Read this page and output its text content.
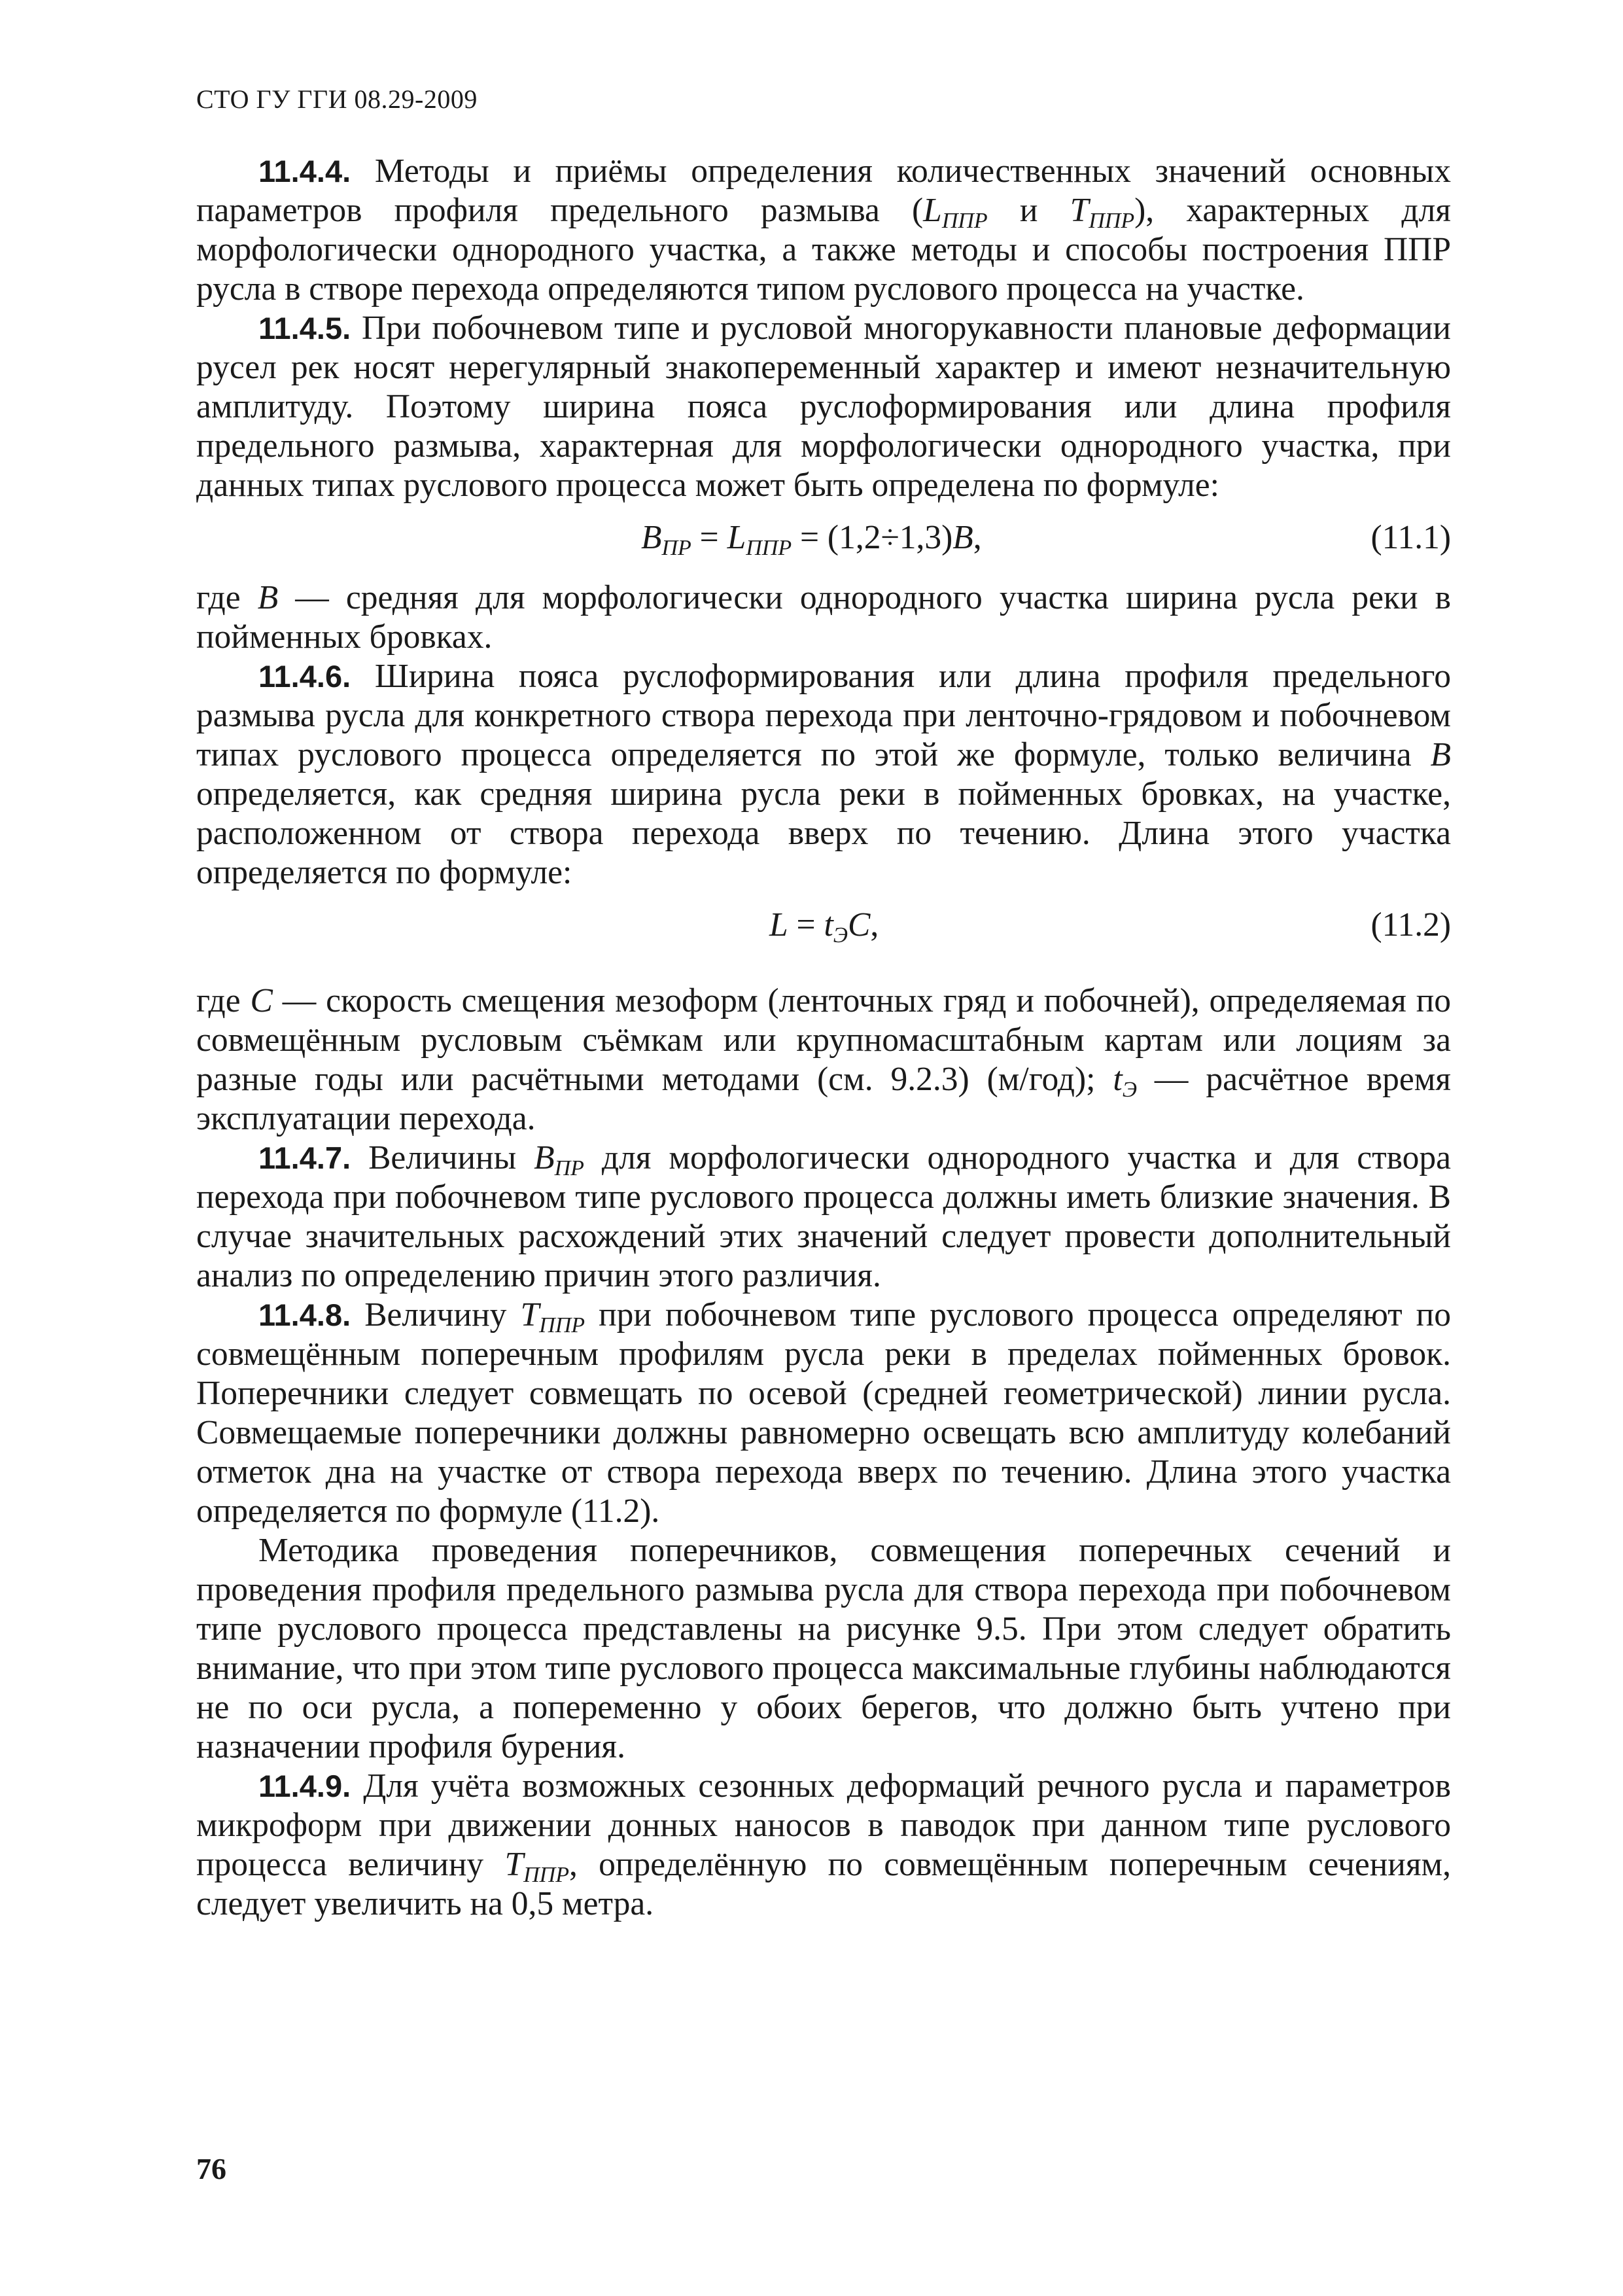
СТО ГУ ГГИ 08.29-2009

11.4.4. Методы и приёмы определения количественных значений основных параметров профиля предельного размыва ($L_{ППР}$ и $T_{ППР}$), характерных для морфологически однородного участка, а также методы и способы построения ППР русла в створе перехода определяются типом руслового процесса на участке.

11.4.5. При побочневом типе и русловой многорукавности плановые деформации русел рек носят нерегулярный знакопеременный характер и имеют незначительную амплитуду. Поэтому ширина пояса руслоформирования или длина профиля предельного размыва, характерная для морфологически однородного участка, при данных типах руслового процесса может быть определена по формуле:

$B_{ПР} = L_{ППР} = (1,2\div 1,3)B$,	(11.1)

где B — средняя для морфологически однородного участка ширина русла реки в пойменных бровках.

11.4.6. Ширина пояса руслоформирования или длина профиля предельного размыва русла для конкретного створа перехода при ленточно-грядовом и побочневом типах руслового процесса определяется по этой же формуле, только величина B определяется, как средняя ширина русла реки в пойменных бровках, на участке, расположенном от створа перехода вверх по течению. Длина этого участка определяется по формуле:

$L = t_ЭC$,	(11.2)

где C — скорость смещения мезоформ (ленточных гряд и побочней), определяемая по совмещённым русловым съёмкам или крупномасштабным картам или лоциям за разные годы или расчётными методами (см. 9.2.3) (м/год); $t_Э$ — расчётное время эксплуатации перехода.

11.4.7. Величины $B_{ПР}$ для морфологически однородного участка и для створа перехода при побочневом типе руслового процесса должны иметь близкие значения. В случае значительных расхождений этих значений следует провести дополнительный анализ по определению причин этого различия.

11.4.8. Величину $T_{ППР}$ при побочневом типе руслового процесса определяют по совмещённым поперечным профилям русла реки в пределах пойменных бровок. Поперечники следует совмещать по осевой (средней геометрической) линии русла. Совмещаемые поперечники должны равномерно освещать всю амплитуду колебаний отметок дна на участке от створа перехода вверх по течению. Длина этого участка определяется по формуле (11.2).

Методика проведения поперечников, совмещения поперечных сечений и проведения профиля предельного размыва русла для створа перехода при побочневом типе руслового процесса представлены на рисунке 9.5. При этом следует обратить внимание, что при этом типе руслового процесса максимальные глубины наблюдаются не по оси русла, а попеременно у обоих берегов, что должно быть учтено при назначении профиля бурения.

11.4.9. Для учёта возможных сезонных деформаций речного русла и параметров микроформ при движении донных наносов в паводок при данном типе руслового процесса величину $T_{ППР}$, определённую по совмещённым поперечным сечениям, следует увеличить на 0,5 метра.

76
